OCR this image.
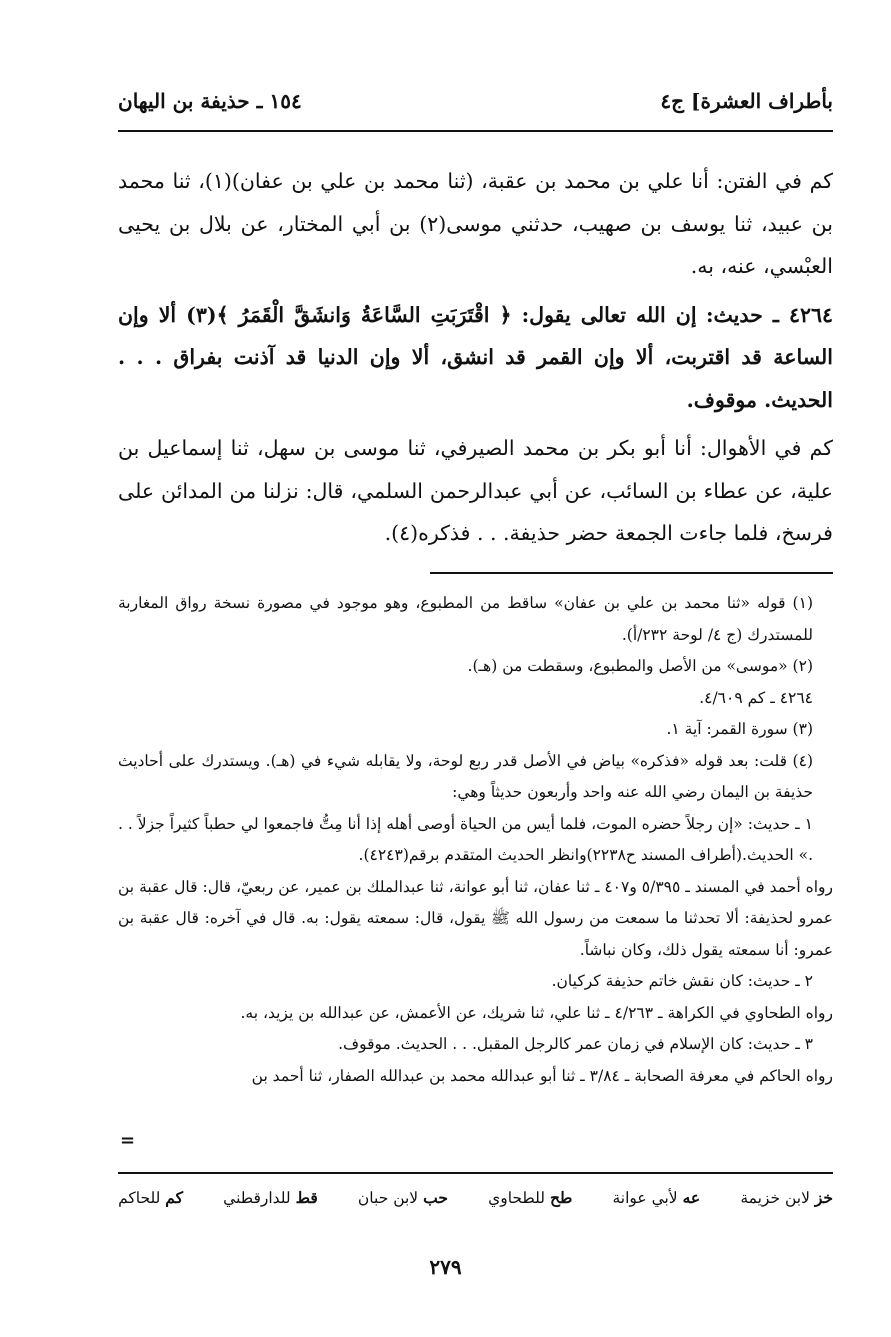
بأطراف العشرة] ج٤
١٥٤ ـ حذيفة بن اليهان

كم في الفتن: أنا علي بن محمد بن عقبة، (ثنا محمد بن علي بن عفان)(١)، ثنا محمد بن عبيد، ثنا يوسف بن صهيب، حدثني موسى(٢) بن أبي المختار، عن بلال بن يحيى العبْسي، عنه، به.

٤٢٦٤ ـ حديث: إن الله تعالى يقول: ﴿ اقْتَرَبَتِ السَّاعَةُ وَانشَقَّ الْقَمَرُ ﴾(٣) ألا وإن الساعة قد اقتربت، ألا وإن القمر قد انشق، ألا وإن الدنيا قد آذنت بفراق . . . الحديث. موقوف.

كم في الأهوال: أنا أبو بكر بن محمد الصيرفي، ثنا موسى بن سهل، ثنا إسماعيل بن علية، عن عطاء بن السائب، عن أبي عبدالرحمن السلمي، قال: نزلنا من المدائن على فرسخ، فلما جاءت الجمعة حضر حذيفة. . . فذكره(٤).

(١) قوله «ثنا محمد بن علي بن عفان» ساقط من المطبوع، وهو موجود في مصورة نسخة رواق المغاربة للمستدرك (ج ٤/ لوحة ٢٣٢/أ).

(٢) «موسى» من الأصل والمطبوع، وسقطت من (هـ).

٤٢٦٤ ـ كم ٤/٦٠٩.

(٣) سورة القمر: آية ١.

(٤) قلت: بعد قوله «فذكره» بياض في الأصل قدر ربع لوحة، ولا يقابله شيء في (هـ). ويستدرك على أحاديث حذيفة بن اليمان رضي الله عنه واحد وأربعون حديثاً وهي:

١ ـ حديث: «إن رجلاً حضره الموت، فلما أيس من الحياة أوصى أهله إذا أنا مِتُّ فاجمعوا لي حطباً كثيراً جزلاً . . .» الحديث.(أطراف المسند ح٢٢٣٨)وانظر الحديث المتقدم برقم(٤٢٤٣).

رواه أحمد في المسند ـ ٥/٣٩٥ و٤٠٧ ـ ثنا عفان، ثنا أبو عوانة، ثنا عبدالملك بن عمير، عن ربعيّ، قال: قال عقبة بن عمرو لحذيفة: ألا تحدثنا ما سمعت من رسول الله ﷺ يقول، قال: سمعته يقول: به. قال في آخره: قال عقبة بن عمرو: أنا سمعته يقول ذلك، وكان نباشاً.

٢ ـ حديث: كان نقش خاتم حذيفة كركيان.

رواه الطحاوي في الكراهة ـ ٤/٢٦٣ ـ ثنا علي، ثنا شريك، عن الأعمش، عن عبدالله بن يزيد، به.

٣ ـ حديث: كان الإسلام في زمان عمر كالرجل المقبل. . . الحديث. موقوف.

رواه الحاكم في معرفة الصحابة ـ ٣/٨٤ ـ ثنا أبو عبدالله محمد بن عبدالله الصفار، ثنا أحمد بن

=
خز لابن خزيمة
عه لأبي عوانة
طح للطحاوي
حب لابن حبان
قط للدارقطني
كم للحاكم
٢٧٩
